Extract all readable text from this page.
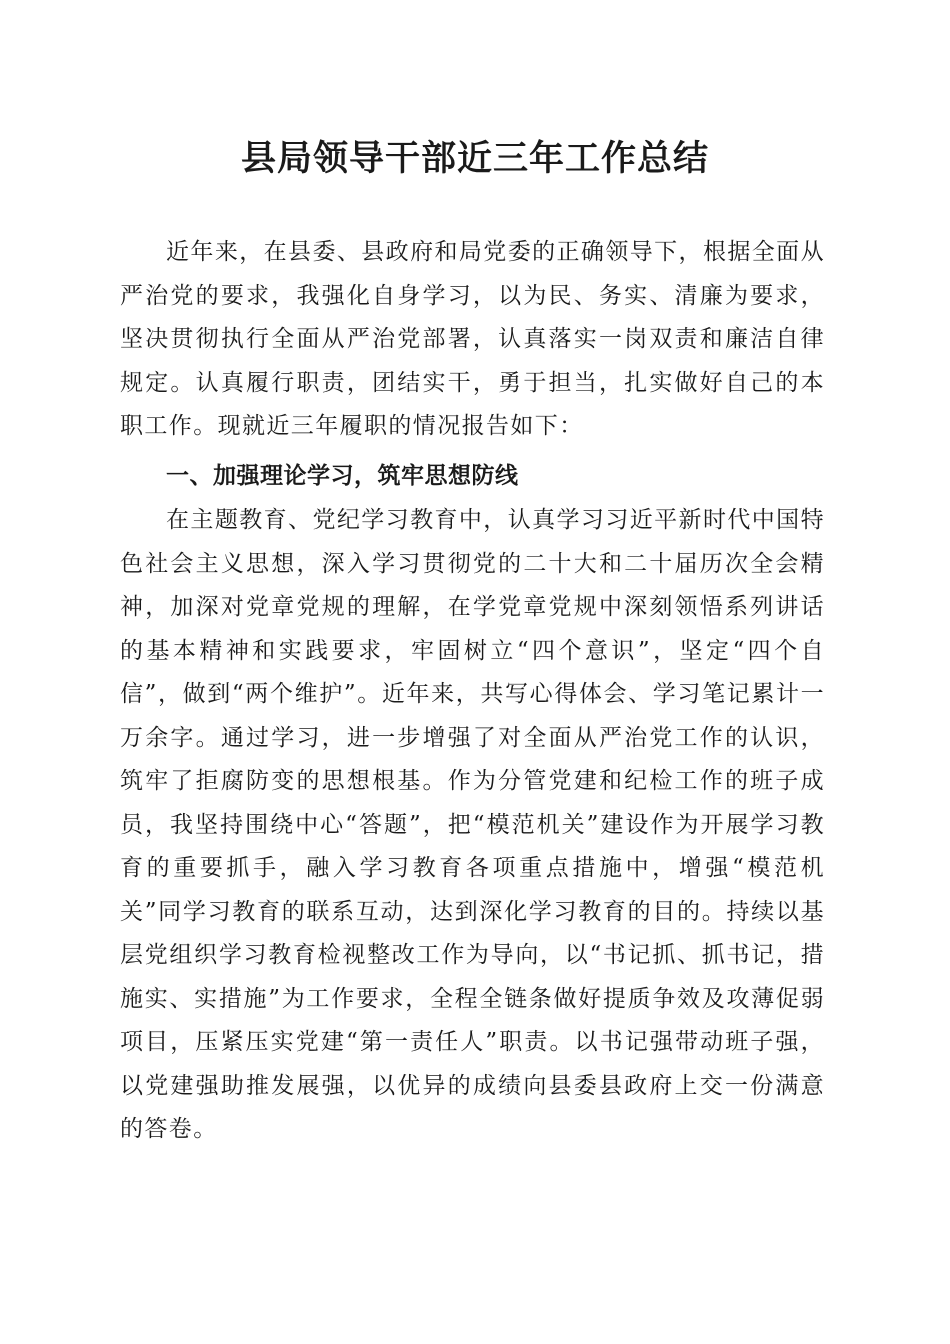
县局领导干部近三年工作总结

近年来，在县委、县政府和局党委的正确领导下，根据全面从严治党的要求，我强化自身学习，以为民、务实、清廉为要求，坚决贯彻执行全面从严治党部署，认真落实一岗双责和廉洁自律规定。认真履行职责，团结实干，勇于担当，扎实做好自己的本职工作。现就近三年履职的情况报告如下：

一、加强理论学习，筑牢思想防线

在主题教育、党纪学习教育中，认真学习习近平新时代中国特色社会主义思想，深入学习贯彻党的二十大和二十届历次全会精神，加深对党章党规的理解，在学党章党规中深刻领悟系列讲话的基本精神和实践要求，牢固树立“四个意识”，坚定“四个自信”，做到“两个维护”。近年来，共写心得体会、学习笔记累计一万余字。通过学习，进一步增强了对全面从严治党工作的认识，筑牢了拒腐防变的思想根基。作为分管党建和纪检工作的班子成员，我坚持围绕中心“答题”，把“模范机关”建设作为开展学习教育的重要抓手，融入学习教育各项重点措施中，增强“模范机关”同学习教育的联系互动，达到深化学习教育的目的。持续以基层党组织学习教育检视整改工作为导向，以“书记抓、抓书记，措施实、实措施”为工作要求，全程全链条做好提质争效及攻薄促弱项目，压紧压实党建“第一责任人”职责。以书记强带动班子强，以党建强助推发展强，以优异的成绩向县委县政府上交一份满意的答卷。
